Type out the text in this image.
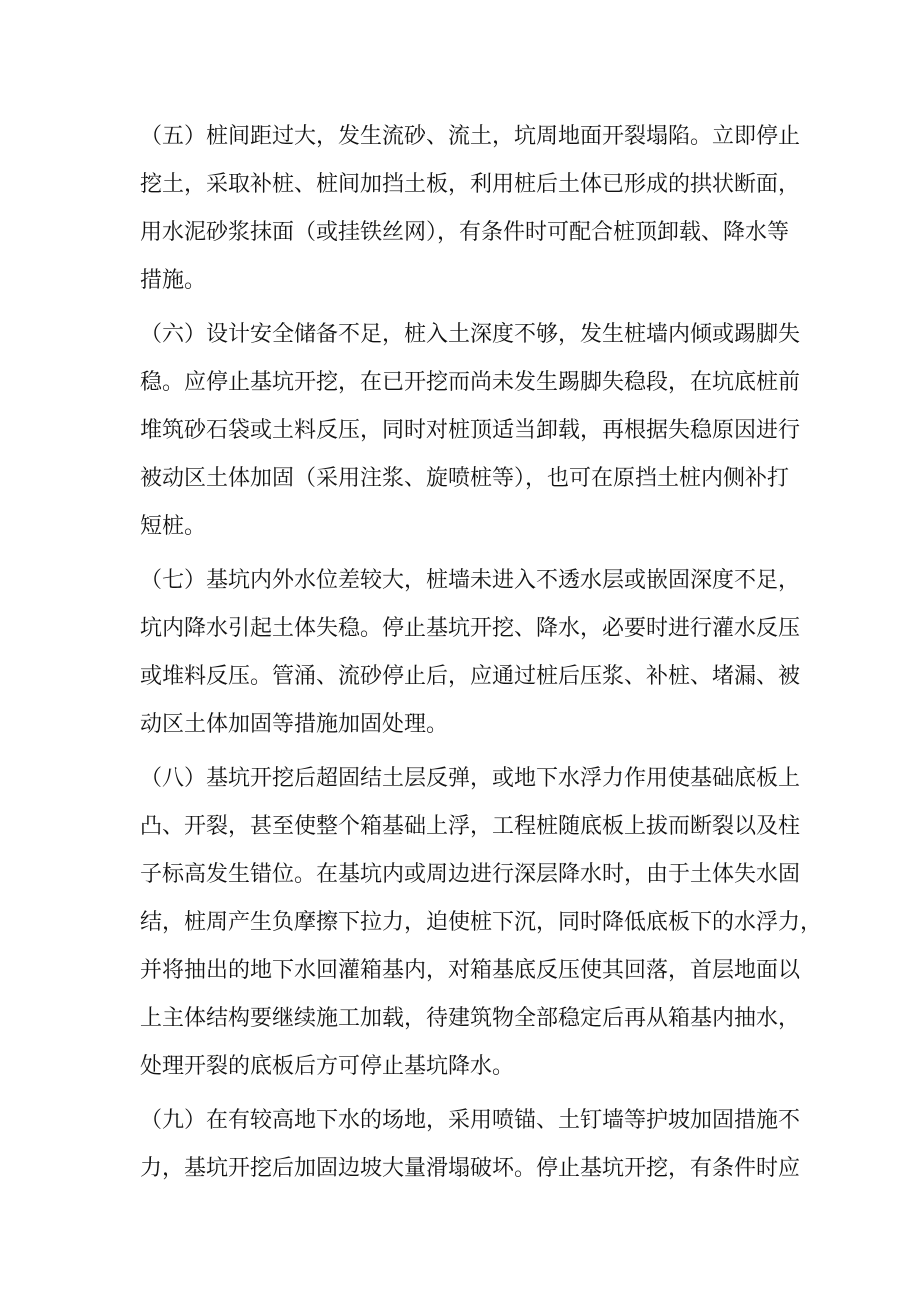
（五）桩间距过大，发生流砂、流土，坑周地面开裂塌陷。立即停止
挖土，采取补桩、桩间加挡土板，利用桩后土体已形成的拱状断面，
用水泥砂浆抹面（或挂铁丝网），有条件时可配合桩顶卸载、降水等
措施。
（六）设计安全储备不足，桩入土深度不够，发生桩墙内倾或踢脚失
稳。应停止基坑开挖，在已开挖而尚未发生踢脚失稳段，在坑底桩前
堆筑砂石袋或土料反压，同时对桩顶适当卸载，再根据失稳原因进行
被动区土体加固（采用注浆、旋喷桩等），也可在原挡土桩内侧补打
短桩。
（七）基坑内外水位差较大，桩墙未进入不透水层或嵌固深度不足，
坑内降水引起土体失稳。停止基坑开挖、降水，必要时进行灌水反压
或堆料反压。管涌、流砂停止后，应通过桩后压浆、补桩、堵漏、被
动区土体加固等措施加固处理。
（八）基坑开挖后超固结土层反弹，或地下水浮力作用使基础底板上
凸、开裂，甚至使整个箱基础上浮，工程桩随底板上拔而断裂以及柱
子标高发生错位。在基坑内或周边进行深层降水时，由于土体失水固
结，桩周产生负摩擦下拉力，迫使桩下沉，同时降低底板下的水浮力，
并将抽出的地下水回灌箱基内，对箱基底反压使其回落，首层地面以
上主体结构要继续施工加载，待建筑物全部稳定后再从箱基内抽水，
处理开裂的底板后方可停止基坑降水。
（九）在有较高地下水的场地，采用喷锚、土钉墙等护坡加固措施不
力，基坑开挖后加固边坡大量滑塌破坏。停止基坑开挖，有条件时应
